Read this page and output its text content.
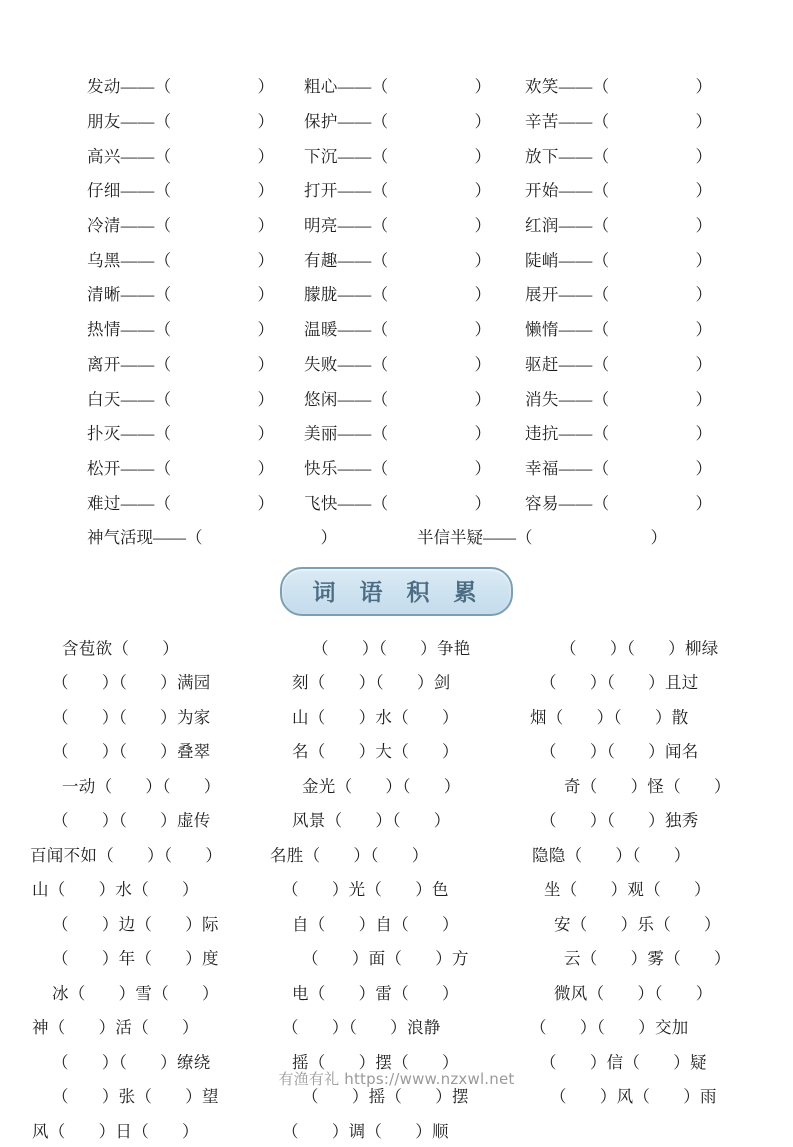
发动——（	）	粗心——（	）	欢笑——（	）
朋友——（	）	保护——（	）	辛苦——（	）
高兴——（	）	下沉——（	）	放下——（	）
仔细——（	）	打开——（	）	开始——（	）
冷清——（	）	明亮——（	）	红润——（	）
乌黑——（	）	有趣——（	）	陡峭——（	）
清晰——（	）	朦胧——（	）	展开——（	）
热情——（	）	温暖——（	）	懒惰——（	）
离开——（	）	失败——（	）	驱赶——（	）
白天——（	）	悠闲——（	）	消失——（	）
扑灭——（	）	美丽——（	）	违抗——（	）
松开——（	）	快乐——（	）	幸福——（	）
难过——（	）	飞快——（	）	容易——（	）
神气活现——（	）	半信半疑——（	）
词 语 积 累
含苞欲（ ）	（ ）（ ）争艳	（ ）（ ）柳绿
（ ）（ ）满园	刻（ ）（ ）剑	（ ）（ ）且过
（ ）（ ）为家	山（ ）水（ ）	烟（ ）（ ）散
（ ）（ ）叠翠	名（ ）大（ ）	（ ）（ ）闻名
一动（ ）（ ）	金光（ ）（ ）	奇（ ）怪（ ）
（ ）（ ）虚传	风景（ ）（ ）	（ ）（ ）独秀
百闻不如（ ）（ ）	名胜（ ）（ ）	隐隐（ ）（ ）
山（ ）水（ ）	（ ）光（ ）色	坐（ ）观（ ）
（ ）边（ ）际	自（ ）自（ ）	安（ ）乐（ ）
（ ）年（ ）度	（ ）面（ ）方	云（ ）雾（ ）
冰（ ）雪（ ）	电（ ）雷（ ）	微风（ ）（ ）
神（ ）活（ ）	（ ）（ ）浪静	（ ）（ ）交加
（ ）（ ）缭绕	摇（ ）摆（ ）	（ ）信（ ）疑
（ ）张（ ）望	（ ）摇（ ）摆	（ ）风（ ）雨
风（ ）日（ ）	（ ）调（ ）顺
有渔有礼 https://www.nzxwl.net
